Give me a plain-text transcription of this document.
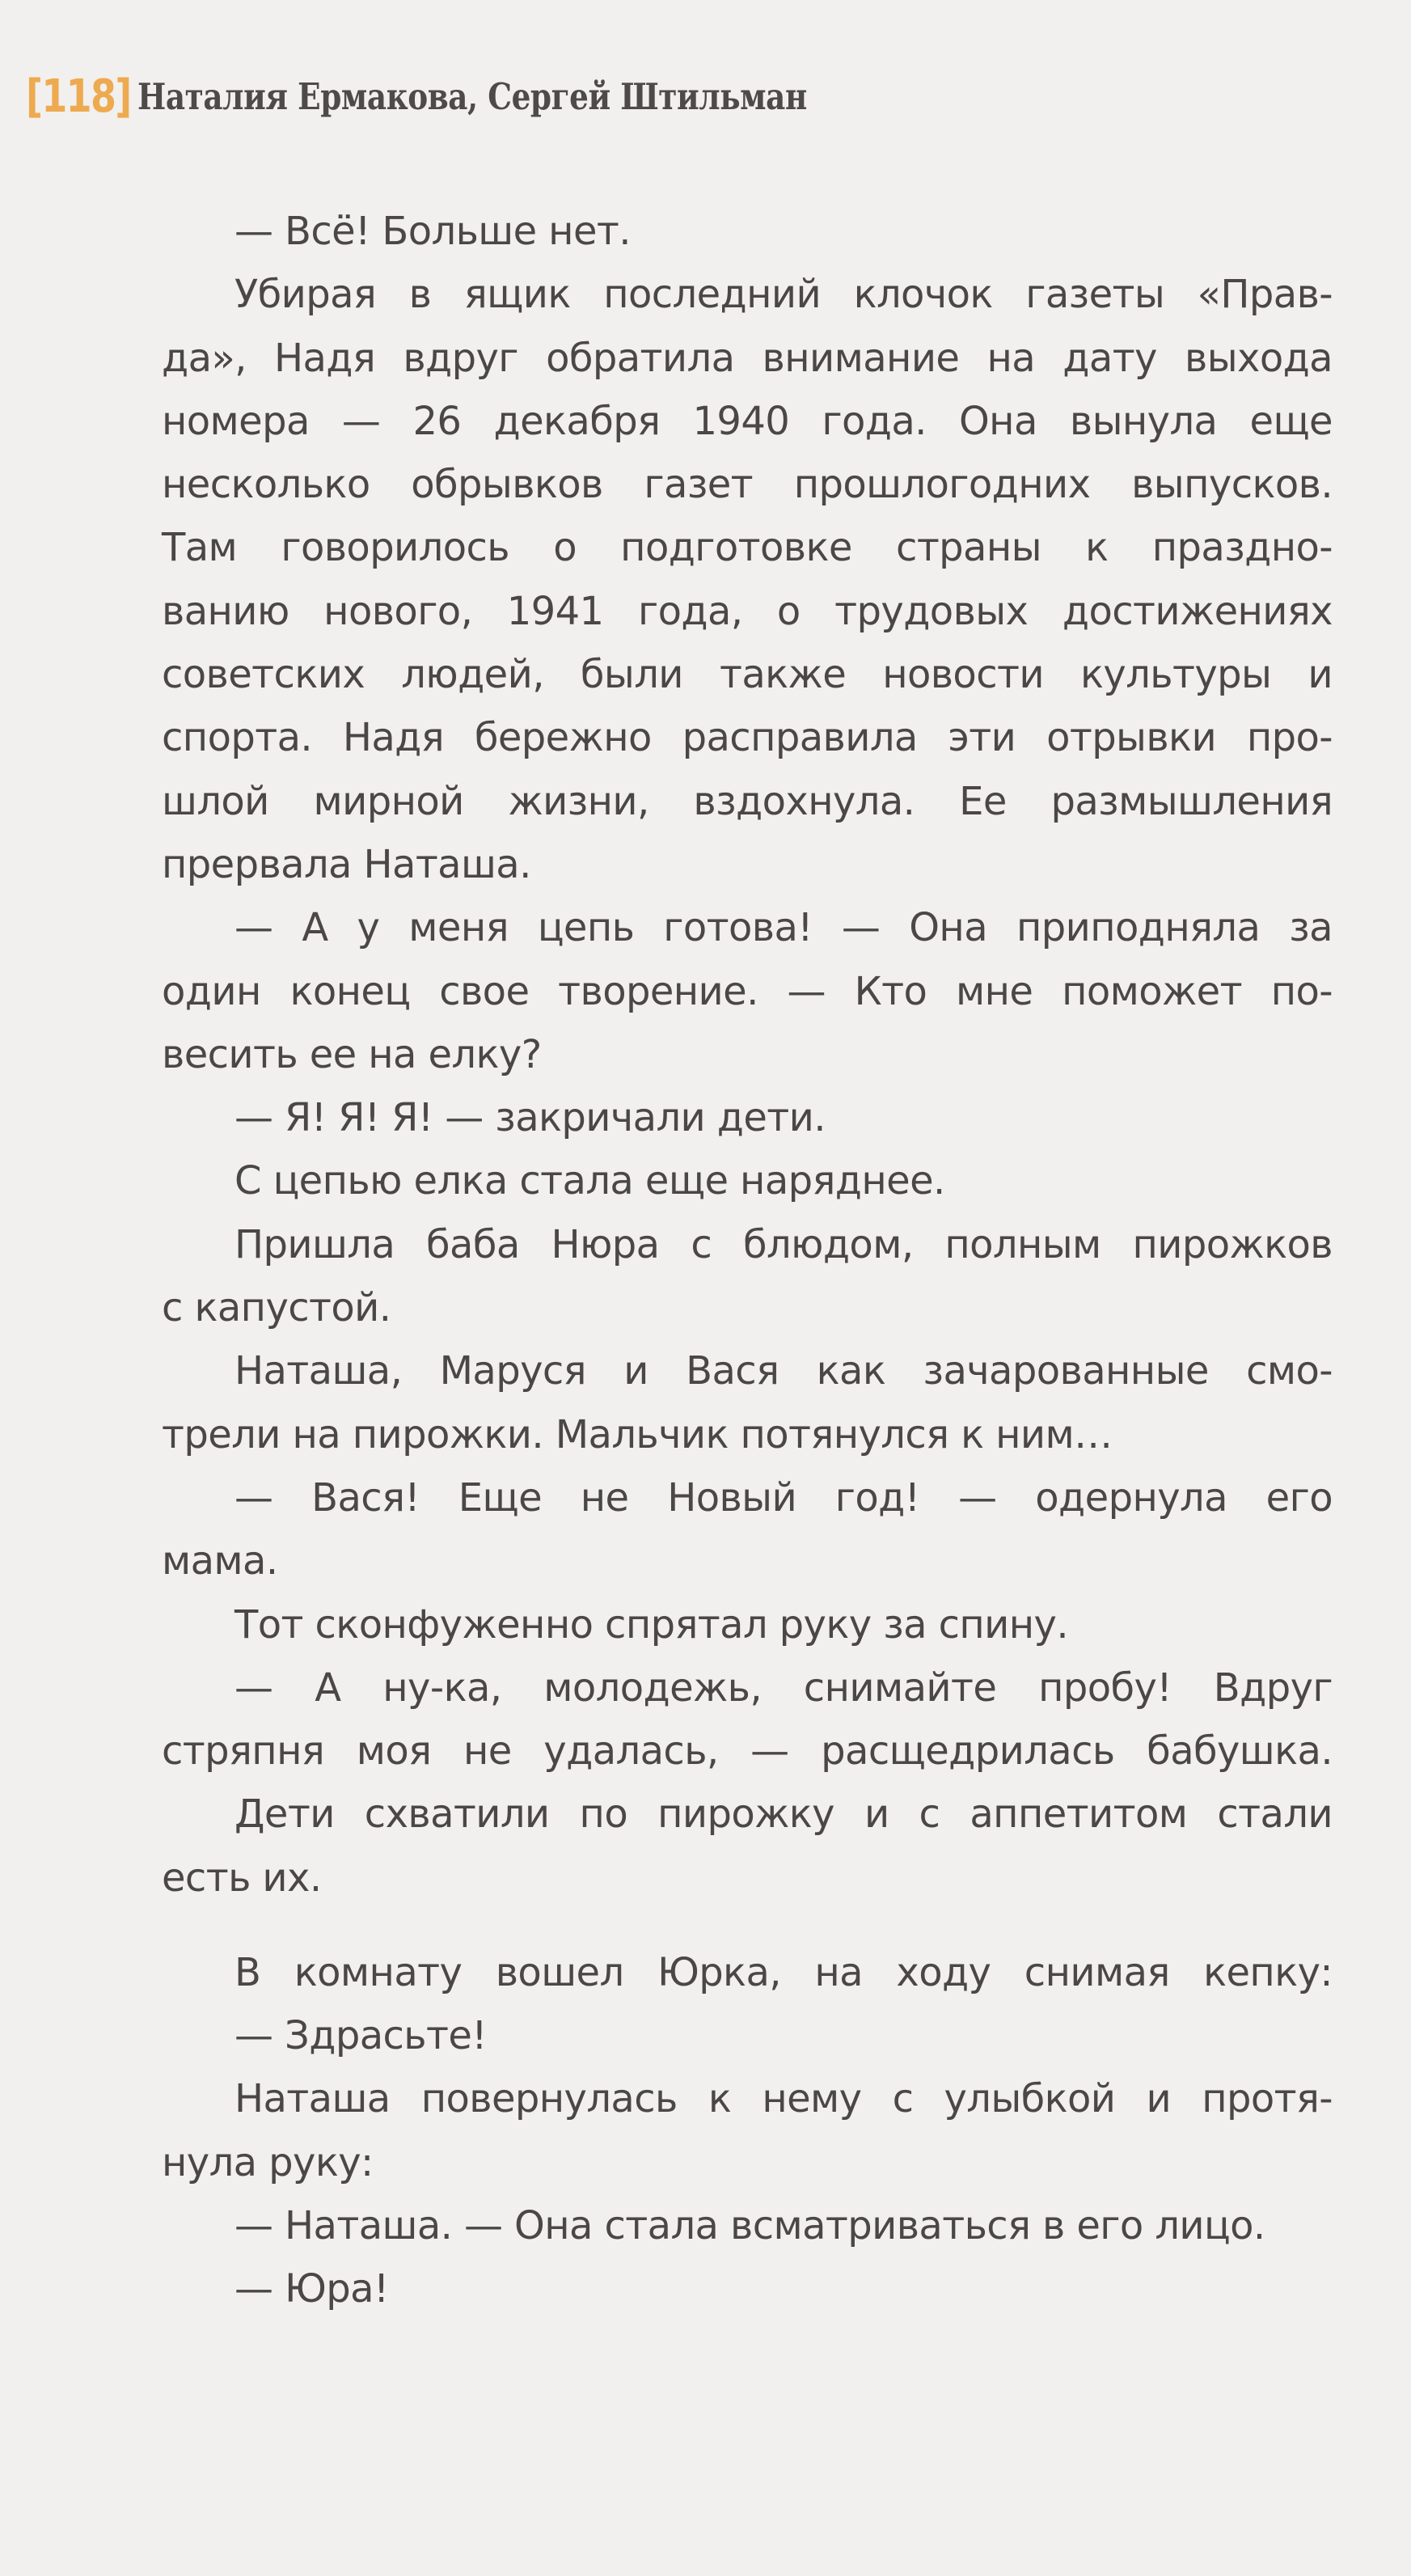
[118] Наталия Ермакова, Сергей Штильман
— Всё! Больше нет.
Убирая в ящик последний клочок газеты «Прав-
да», Надя вдруг обратила внимание на дату выхода
номера — 26 декабря 1940 года. Она вынула еще
несколько обрывков газет прошлогодних выпусков.
Там говорилось о подготовке страны к праздно-
ванию нового, 1941 года, о трудовых достижениях
советских людей, были также новости культуры и
спорта. Надя бережно расправила эти отрывки про-
шлой мирной жизни, вздохнула. Ее размышления
прервала Наташа.
— А у меня цепь готова! — Она приподняла за
один конец свое творение. — Кто мне поможет по-
весить ее на елку?
— Я! Я! Я! — закричали дети.
С цепью елка стала еще наряднее.
Пришла баба Нюра с блюдом, полным пирожков
с капустой.
Наташа, Маруся и Вася как зачарованные смо-
трели на пирожки. Мальчик потянулся к ним…
— Вася! Еще не Новый год! — одернула его
мама.
Тот сконфуженно спрятал руку за спину.
— А ну-ка, молодежь, снимайте пробу! Вдруг
стряпня моя не удалась, — расщедрилась бабушка.
Дети схватили по пирожку и с аппетитом стали
есть их.
В комнату вошел Юрка, на ходу снимая кепку:
— Здрасьте!
Наташа повернулась к нему с улыбкой и протя-
нула руку:
— Наташа. — Она стала всматриваться в его лицо.
— Юра!
